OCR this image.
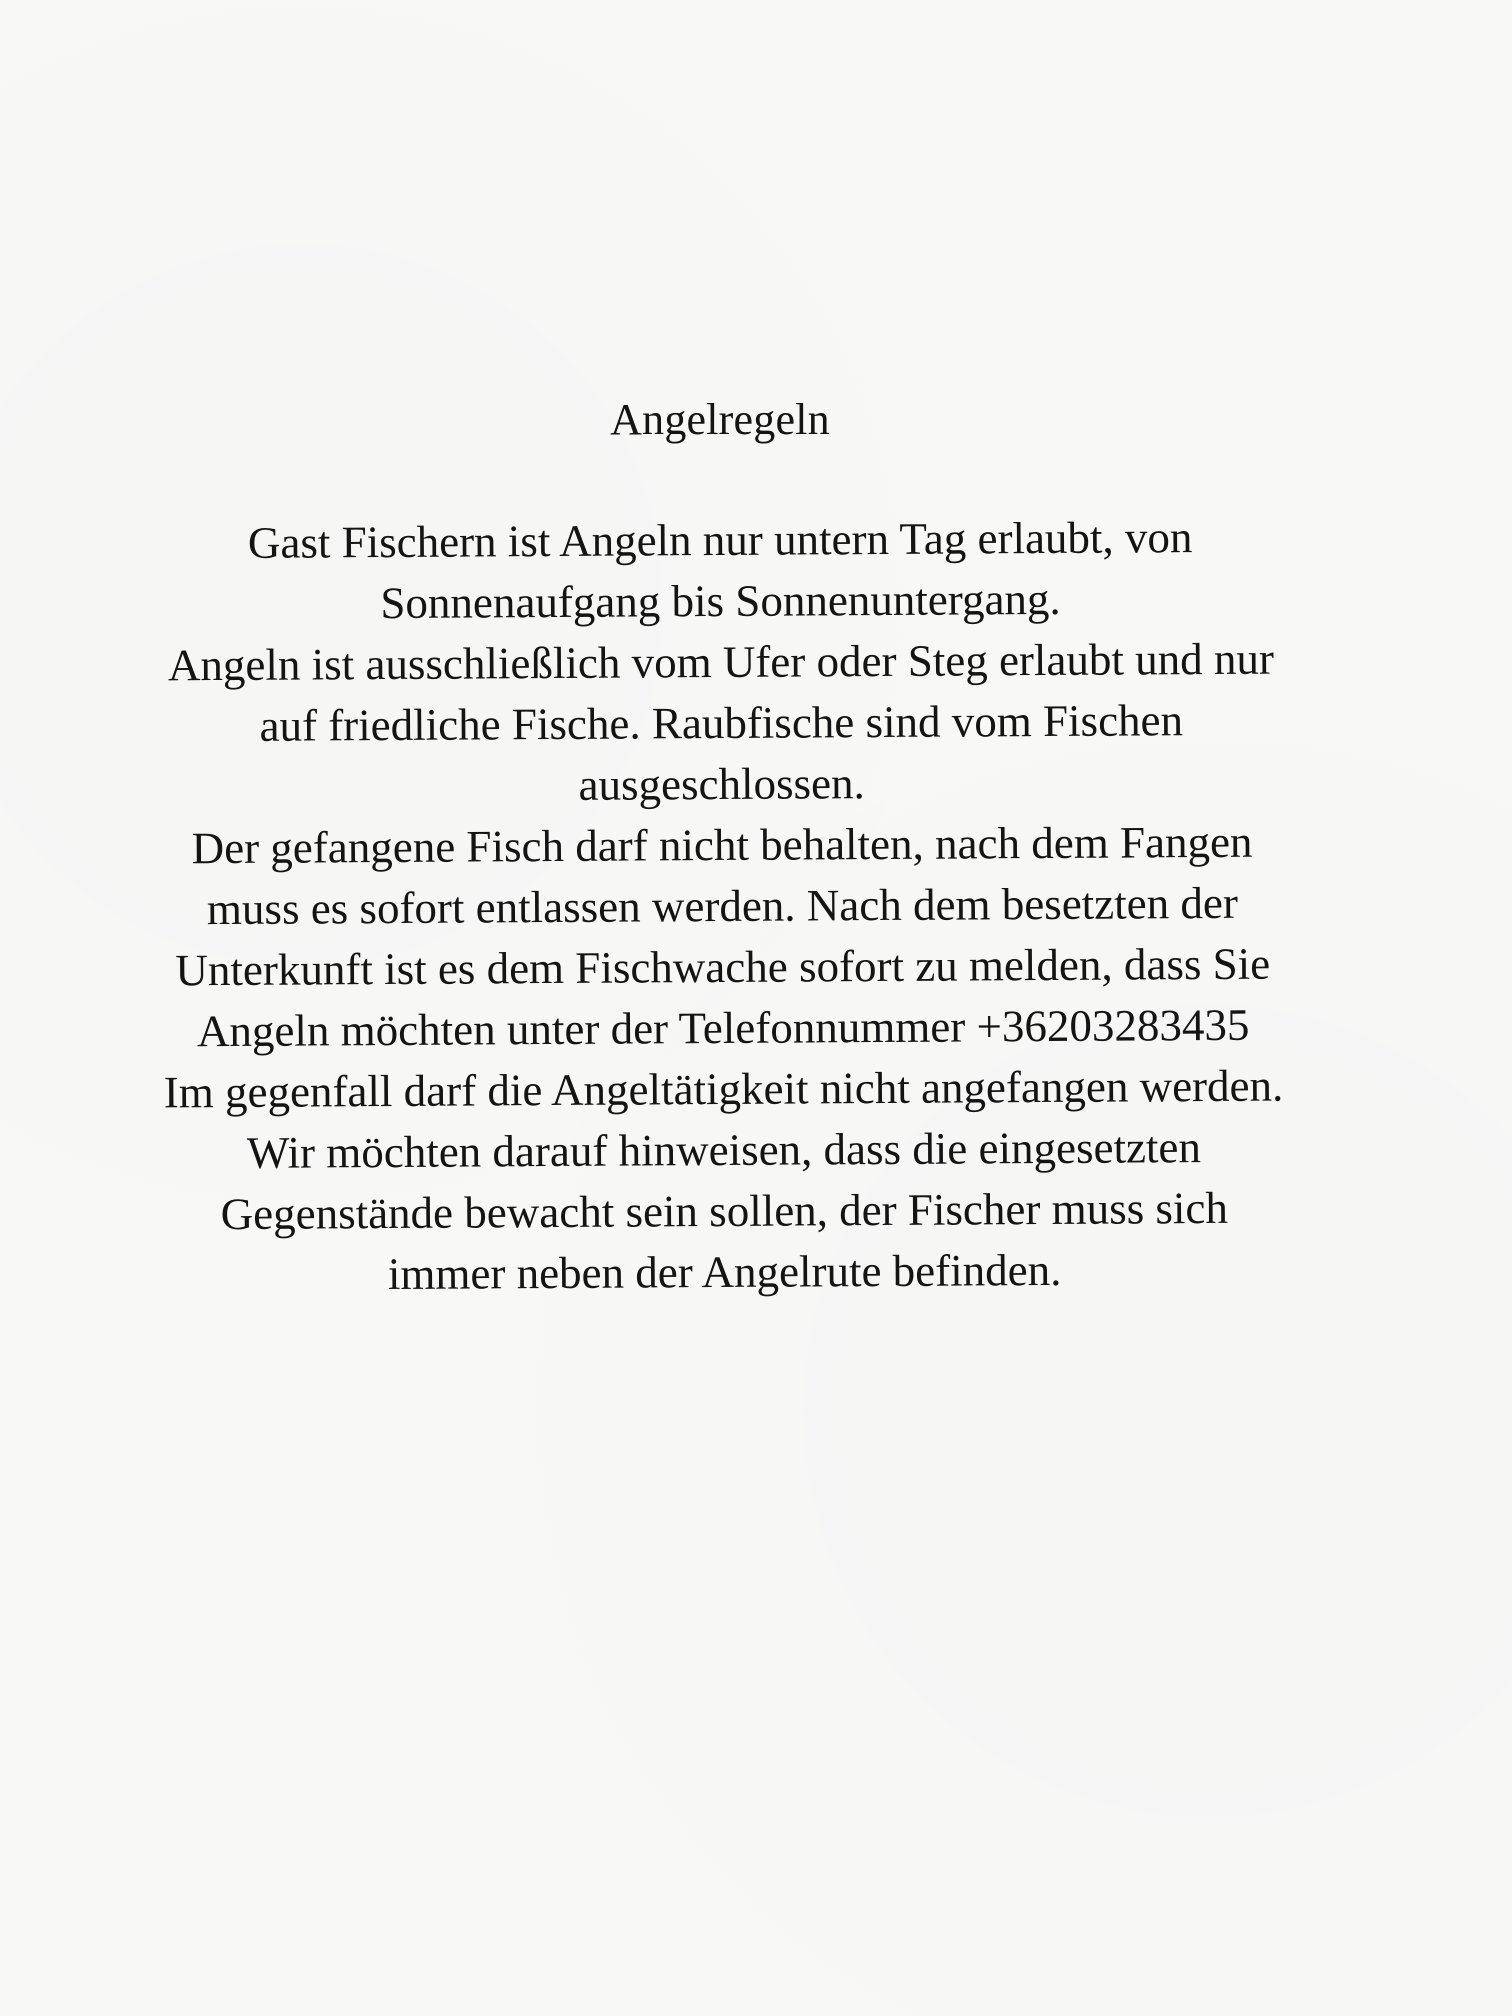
Angelregeln
Gast Fischern ist Angeln nur untern Tag erlaubt, von
Sonnenaufgang bis Sonnenuntergang.
Angeln ist ausschließlich vom Ufer oder Steg erlaubt und nur
auf friedliche Fische. Raubfische sind vom Fischen
ausgeschlossen.
Der gefangene Fisch darf nicht behalten, nach dem Fangen
muss es sofort entlassen werden. Nach dem besetzten der
Unterkunft ist es dem Fischwache sofort zu melden, dass Sie
Angeln möchten unter der Telefonnummer +36203283435
Im gegenfall darf die Angeltätigkeit nicht angefangen werden.
Wir möchten darauf hinweisen, dass die eingesetzten
Gegenstände bewacht sein sollen, der Fischer muss sich
immer neben der Angelrute befinden.
